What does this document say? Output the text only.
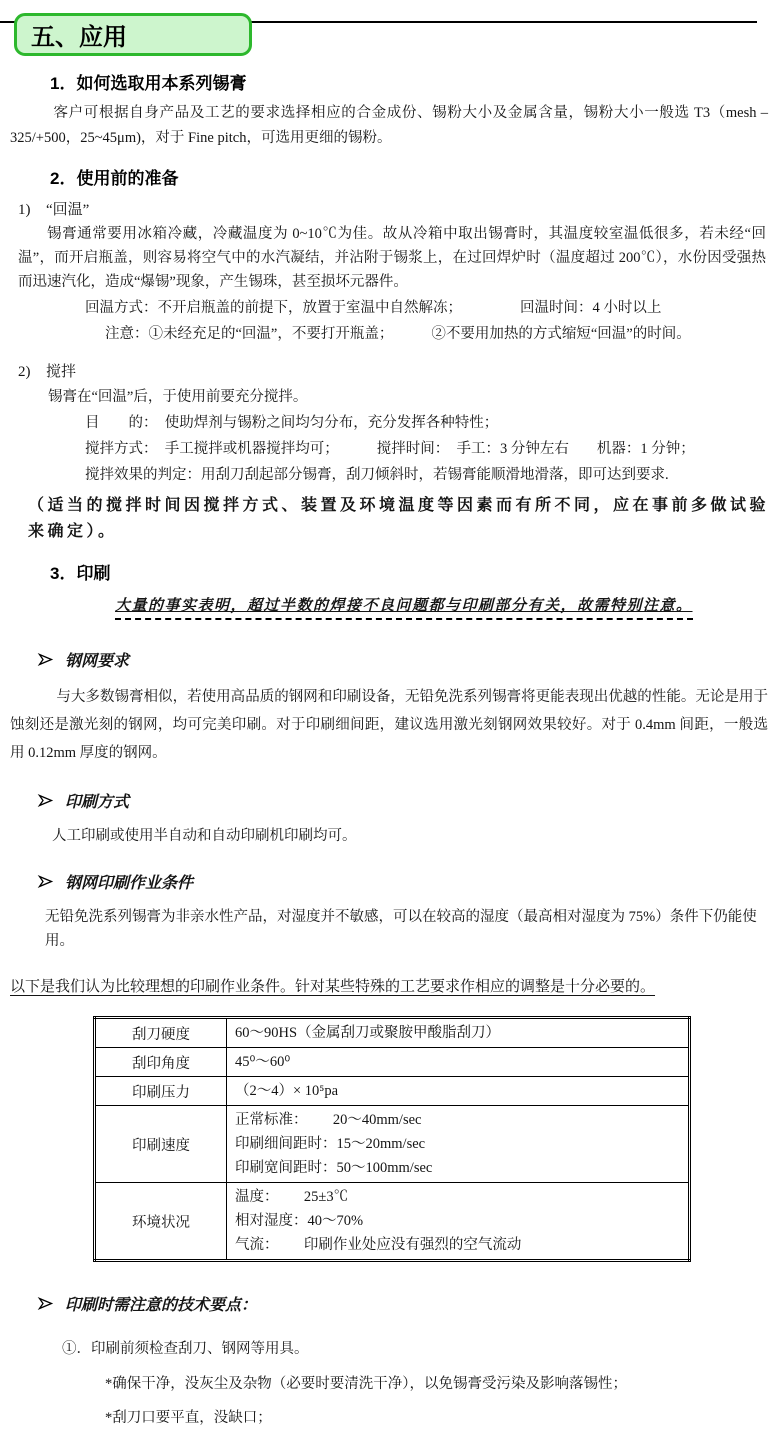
五、应用
1．如何选取用本系列锡膏
客户可根据自身产品及工艺的要求选择相应的合金成份、锡粉大小及金属含量，锡粉大小一般选 T3（mesh –325/+500，25~45μm)，对于 Fine pitch，可选用更细的锡粉。
2．使用前的准备
1) “回温”
锡膏通常要用冰箱冷藏，冷藏温度为 0~10℃为佳。故从冷箱中取出锡膏时，其温度较室温低很多，若未经“回温”，而开启瓶盖，则容易将空气中的水汽凝结，并沾附于锡浆上，在过回焊炉时（温度超过 200℃），水份因受强热而迅速汽化，造成“爆锡”现象，产生锡珠，甚至损坏元器件。
回温方式：不开启瓶盖的前提下，放置于室温中自然解冻；	回温时间：4 小时以上
注意：①未经充足的“回温”，不要打开瓶盖；	②不要用加热的方式缩短“回温”的时间。
2) 搅拌
锡膏在“回温”后，于使用前要充分搅拌。
目　　的：　使助焊剂与锡粉之间均匀分布，充分发挥各种特性；
搅拌方式：　手工搅拌或机器搅拌均可；	搅拌时间：　手工：3 分钟左右 机器：1 分钟；
搅拌效果的判定：用刮刀刮起部分锡膏，刮刀倾斜时，若锡膏能顺滑地滑落，即可达到要求.
（适当的搅拌时间因搅拌方式、装置及环境温度等因素而有所不同，应在事前多做试验来确定）。
3．印刷
大量的事实表明，超过半数的焊接不良问题都与印刷部分有关，故需特别注意。
钢网要求
与大多数锡膏相似，若使用高品质的钢网和印刷设备，无铅免洗系列锡膏将更能表现出优越的性能。无论是用于蚀刻还是激光刻的钢网，均可完美印刷。对于印刷细间距，建议选用激光刻钢网效果较好。对于 0.4mm 间距，一般选用 0.12mm 厚度的钢网。
印刷方式
人工印刷或使用半自动和自动印刷机印刷均可。
钢网印刷作业条件
无铅免洗系列锡膏为非亲水性产品，对湿度并不敏感，可以在较高的湿度（最高相对湿度为 75%）条件下仍能使用。
以下是我们认为比较理想的印刷作业条件。针对某些特殊的工艺要求作相应的调整是十分必要的。
刮刀硬度	60～90HS（金属刮刀或聚胺甲酸脂刮刀）

刮印角度	45⁰～60⁰

印刷压力	（2～4）× 10⁵pa

印刷速度	正常标准：　　 20～40mm/sec
印刷细间距时：15～20mm/sec
印刷宽间距时：50～100mm/sec

环境状况	温度：　　 25±3℃
相对湿度：40～70%
气流：　　 印刷作业处应没有强烈的空气流动
印刷时需注意的技术要点：
①．印刷前须检查刮刀、钢网等用具。
*确保干净，没灰尘及杂物（必要时要清洗干净），以免锡膏受污染及影响落锡性；
*刮刀口要平直，没缺口；
